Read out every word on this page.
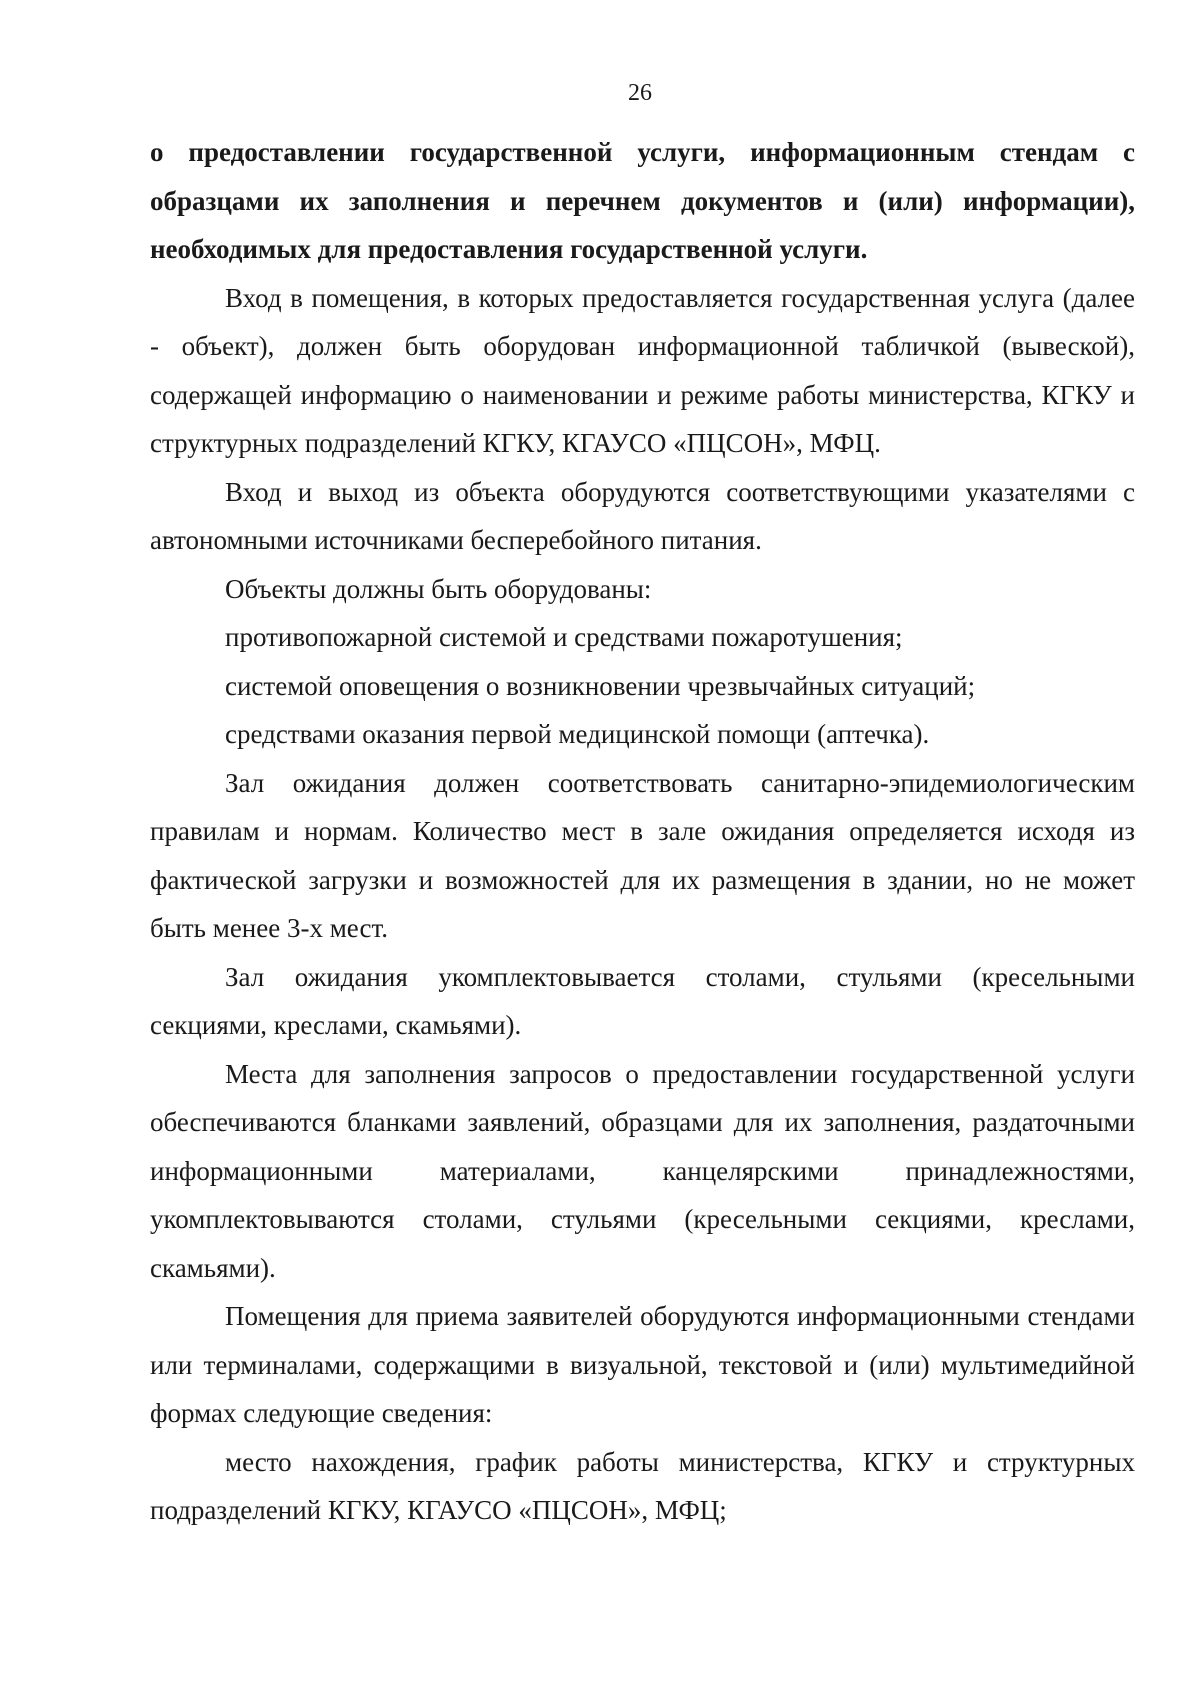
26

о предоставлении государственной услуги, информационным стендам с образцами их заполнения и перечнем документов и (или) информации), необходимых для предоставления государственной услуги.

Вход в помещения, в которых предоставляется государственная услуга (далее - объект), должен быть оборудован информационной табличкой (вывеской), содержащей информацию о наименовании и режиме работы министерства, КГКУ и структурных подразделений КГКУ, КГАУСО «ПЦСОН», МФЦ.

Вход и выход из объекта оборудуются соответствующими указателями с автономными источниками бесперебойного питания.

Объекты должны быть оборудованы:

противопожарной системой и средствами пожаротушения;

системой оповещения о возникновении чрезвычайных ситуаций;

средствами оказания первой медицинской помощи (аптечка).

Зал ожидания должен соответствовать санитарно-эпидемиологическим правилам и нормам. Количество мест в зале ожидания определяется исходя из фактической загрузки и возможностей для их размещения в здании, но не может быть менее 3-х мест.

Зал ожидания укомплектовывается столами, стульями (кресельными секциями, креслами, скамьями).

Места для заполнения запросов о предоставлении государственной услуги обеспечиваются бланками заявлений, образцами для их заполнения, раздаточными информационными материалами, канцелярскими принадлежностями, укомплектовываются столами, стульями (кресельными секциями, креслами, скамьями).

Помещения для приема заявителей оборудуются информационными стендами или терминалами, содержащими в визуальной, текстовой и (или) мультимедийной формах следующие сведения:

место нахождения, график работы министерства, КГКУ и структурных подразделений КГКУ, КГАУСО «ПЦСОН», МФЦ;
